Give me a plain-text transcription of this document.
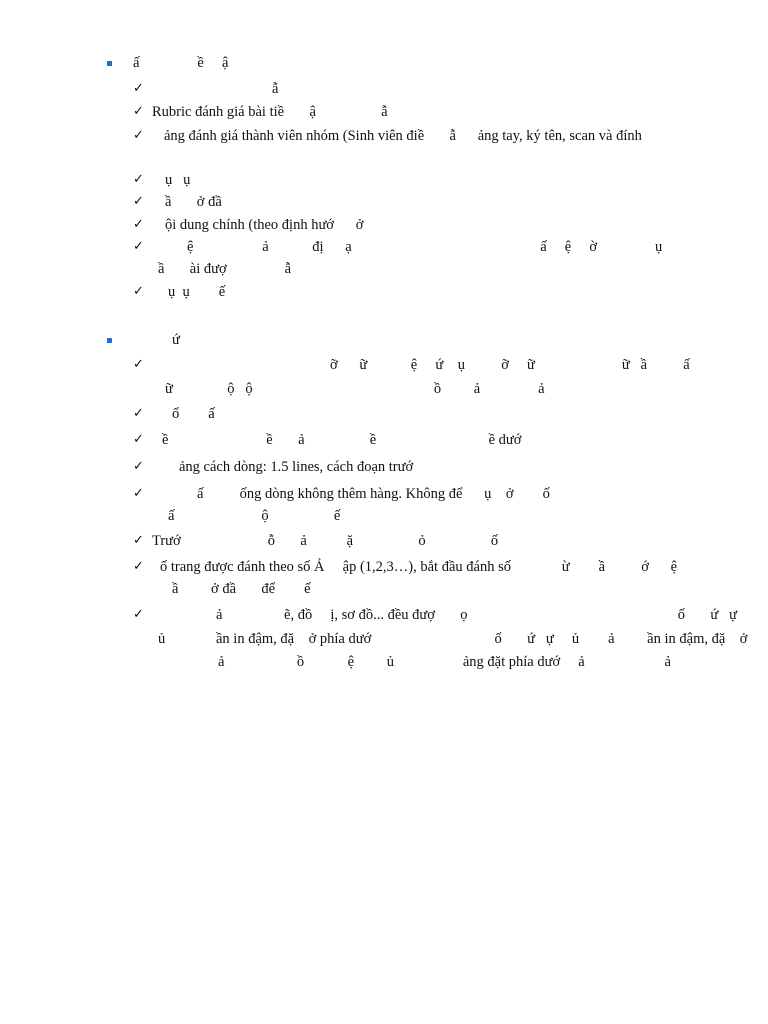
ấ                ề     ậ
✓	ẫ
✓ Rubric đánh giá bài tiề       ậ                  ẫ
✓ ảng đánh giá thành viên nhóm (Sinh viên điề       ẫ      ảng tay, ký tên, scan và đính
✓ ụ   ụ
✓ ầ       ở đầ
✓ ội dung chính (theo định hướ      ở
✓	ệ                   ả            đị      ạ                                                    ấ     ệ     ờ                ụ
ầ       ài đượ                ẫ
✓ ụ  ụ        ế
ứ
✓	ỡ      ữ            ệ     ứ    ụ          ỡ     ữ                        ữ   ầ          ấ
ữ               ộ   ộ                                                  ồ         ả                ả
✓ ổ        ấ
✓ ề                           ề       ả                  ề                               ề dướ
✓ ảng cách dòng: 1.5 lines, cách đoạn trướ
✓	ấ          ống dòng không thêm hàng. Không để      ụ    ở        ố
ấ                        ộ                  ế
✓ Trướ                        ỗ       ả           ặ                  ỏ                  ố
✓ ố trang được đánh theo số Ả     ập (1,2,3…), bắt đầu đánh số              ừ        ầ          ớ      ệ
ầ         ở đầ       để        ế
✓	ả                 ẽ, đồ     ị, sơ đồ... đều đượ       ọ                                                          ố       ứ   ự
ủ              ần in đậm, đặ    ở phía dướ                                  ố       ứ   ự     ủ        ả         ần in đậm, đặ    ở
ả                    ồ            ệ         ủ                   ảng đặt phía dướ     ả                      ả
